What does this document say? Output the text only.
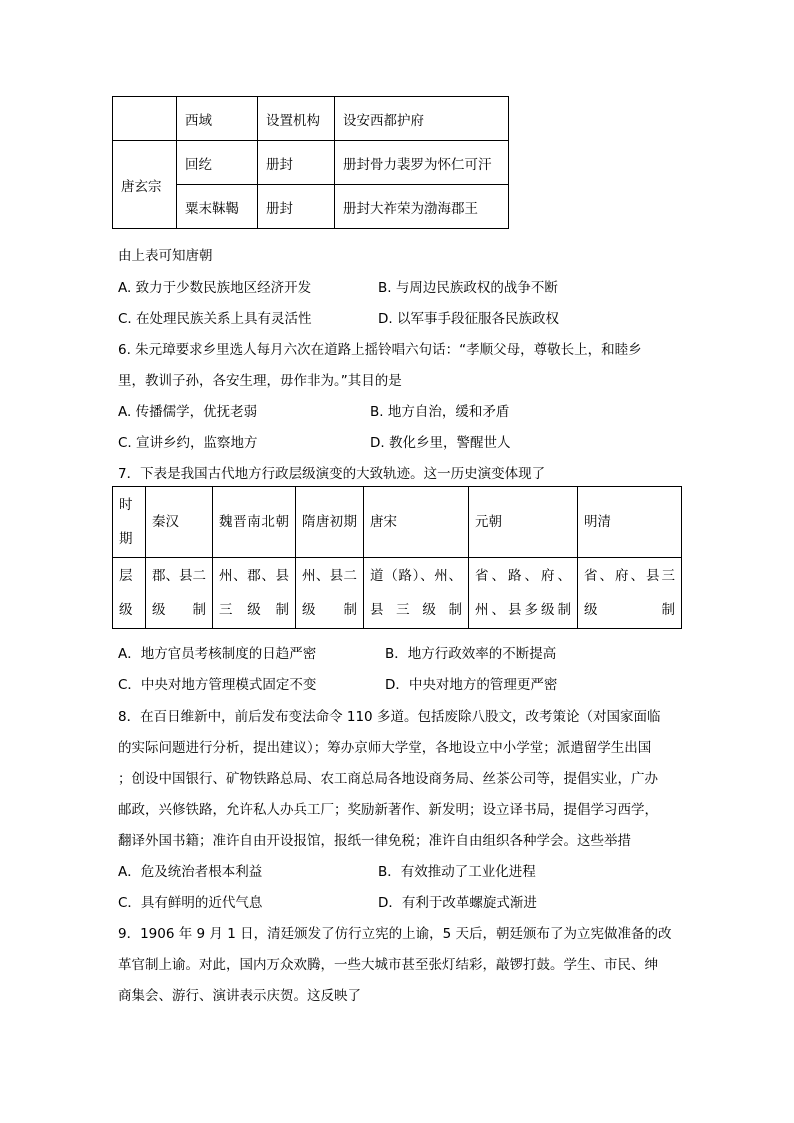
	西域	设置机构	设安西都护府
唐玄宗	回纥	册封	册封骨力裴罗为怀仁可汗
	粟末靺鞨	册封	册封大祚荣为渤海郡王
由上表可知唐朝
A. 致力于少数民族地区经济开发	B. 与周边民族政权的战争不断
C. 在处理民族关系上具有灵活性	D. 以军事手段征服各民族政权
6. 朱元璋要求乡里选人每月六次在道路上摇铃唱六句话：“孝顺父母，尊敬长上，和睦乡
里，教训子孙，各安生理，毋作非为。”其目的是
A. 传播儒学，优抚老弱	B. 地方自治，缓和矛盾
C. 宣讲乡约，监察地方	D. 教化乡里，警醒世人
7．下表是我国古代地方行政层级演变的大致轨迹。这一历史演变体现了
时期	秦汉	魏晋南北朝	隋唐初期	唐宋	元朝	明清
层级	郡、县二级制	州、郡、县三级制	州、县二级制	道（路）、州、县三级制	省、路、府、州、县多级制	省、府、县三级制
A．地方官员考核制度的日趋严密	B．地方行政效率的不断提高
C．中央对地方管理模式固定不变	D．中央对地方的管理更严密
8．在百日维新中，前后发布变法命令 110 多道。包括废除八股文，改考策论（对国家面临
的实际问题进行分析，提出建议）；筹办京师大学堂，各地设立中小学堂；派遣留学生出国
；创设中国银行、矿物铁路总局、农工商总局各地设商务局、丝茶公司等，提倡实业，广办
邮政，兴修铁路，允许私人办兵工厂；奖励新著作、新发明；设立译书局，提倡学习西学，
翻译外国书籍；准许自由开设报馆，报纸一律免税；准许自由组织各种学会。这些举措
A．危及统治者根本利益	B．有效推动了工业化进程
C．具有鲜明的近代气息	D．有利于改革螺旋式渐进
9．1906 年 9 月 1 日，清廷颁发了仿行立宪的上谕，5 天后，朝廷颁布了为立宪做准备的改
革官制上谕。对此，国内万众欢腾，一些大城市甚至张灯结彩，敲锣打鼓。学生、市民、绅
商集会、游行、演讲表示庆贺。这反映了
